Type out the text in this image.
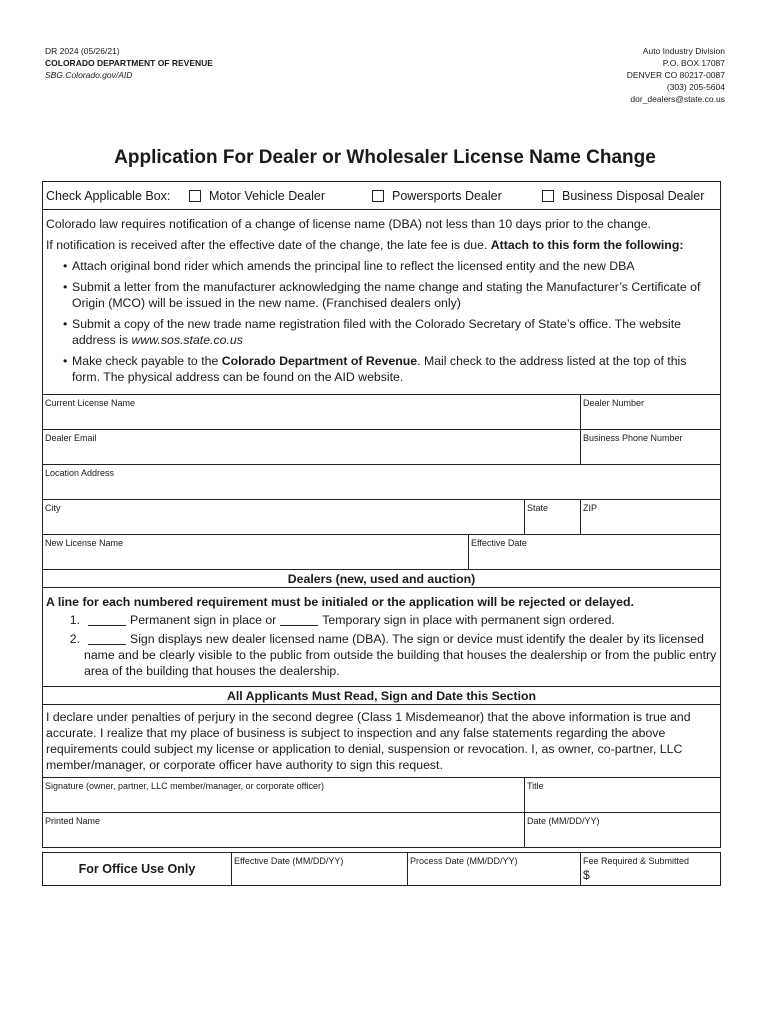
DR 2024 (05/26/21)
COLORADO DEPARTMENT OF REVENUE
SBG.Colorado.gov/AID
Auto Industry Division
P.O. BOX 17087
DENVER CO 80217-0087
(303) 205-5604
dor_dealers@state.co.us
Application For Dealer or Wholesaler License Name Change
Check Applicable Box:	Motor Vehicle Dealer	Powersports Dealer	Business Disposal Dealer

Colorado law requires notification of a change of license name (DBA) not less than 10 days prior to the change.

If notification is received after the effective date of the change, the late fee is due. Attach to this form the following:

• Attach original bond rider which amends the principal line to reflect the licensed entity and the new DBA
• Submit a letter from the manufacturer acknowledging the name change and stating the Manufacturer’s Certificate of Origin (MCO) will be issued in the new name. (Franchised dealers only)
• Submit a copy of the new trade name registration filed with the Colorado Secretary of State’s office. The website address is www.sos.state.co.us
• Make check payable to the Colorado Department of Revenue. Mail check to the address listed at the top of this form. The physical address can be found on the AID website.
Current License Name	Dealer Number
Dealer Email	Business Phone Number
Location Address
City	State	ZIP
New License Name	Effective Date
Dealers (new, used and auction)
A line for each numbered requirement must be initialed or the application will be rejected or delayed.
1.	Permanent sign in place or	Temporary sign in place with permanent sign ordered.
2.	Sign displays new dealer licensed name (DBA). The sign or device must identify the dealer by its licensed name and be clearly visible to the public from outside the building that houses the dealership or from the public entry area of the building that houses the dealership.
All Applicants Must Read, Sign and Date this Section
I declare under penalties of perjury in the second degree (Class 1 Misdemeanor) that the above information is true and accurate. I realize that my place of business is subject to inspection and any false statements regarding the above requirements could subject my license or application to denial, suspension or revocation. I, as owner, co-partner, LLC member/manager, or corporate officer have authority to sign this request.
Signature (owner, partner, LLC member/manager, or corporate officer)	Title
Printed Name	Date (MM/DD/YY)
For Office Use Only
Effective Date (MM/DD/YY)	Process Date (MM/DD/YY)	Fee Required & Submitted
$
